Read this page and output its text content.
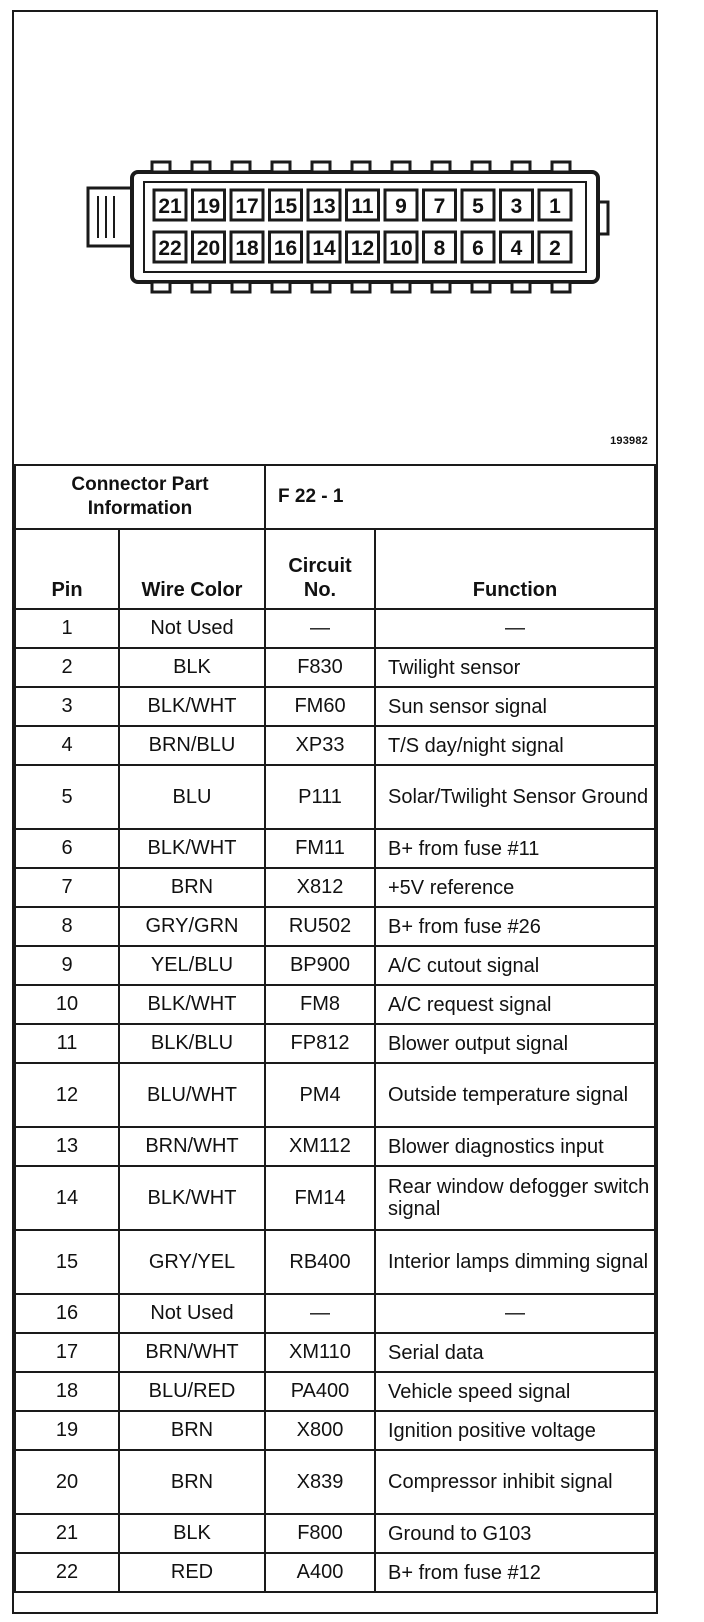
21 19 17 15 13 11 9 7 5 3 1
22 20 18 16 14 12 10 8 6 4 2
193982
Connector Part Information		F 22 - 1	
Pin	Wire Color	Circuit No.	Function
1	Not Used	—	—
2	BLK	F830	Twilight sensor
3	BLK/WHT	FM60	Sun sensor signal
4	BRN/BLU	XP33	T/S day/night signal
5	BLU	P111	Solar/Twilight Sensor Ground
6	BLK/WHT	FM11	B+ from fuse #11
7	BRN	X812	+5V reference
8	GRY/GRN	RU502	B+ from fuse #26
9	YEL/BLU	BP900	A/C cutout signal
10	BLK/WHT	FM8	A/C request signal
11	BLK/BLU	FP812	Blower output signal
12	BLU/WHT	PM4	Outside temperature signal
13	BRN/WHT	XM112	Blower diagnostics input
14	BLK/WHT	FM14	Rear window defogger switch signal
15	GRY/YEL	RB400	Interior lamps dimming signal
16	Not Used	—	—
17	BRN/WHT	XM110	Serial data
18	BLU/RED	PA400	Vehicle speed signal
19	BRN	X800	Ignition positive voltage
20	BRN	X839	Compressor inhibit signal
21	BLK	F800	Ground to G103
22	RED	A400	B+ from fuse #12
